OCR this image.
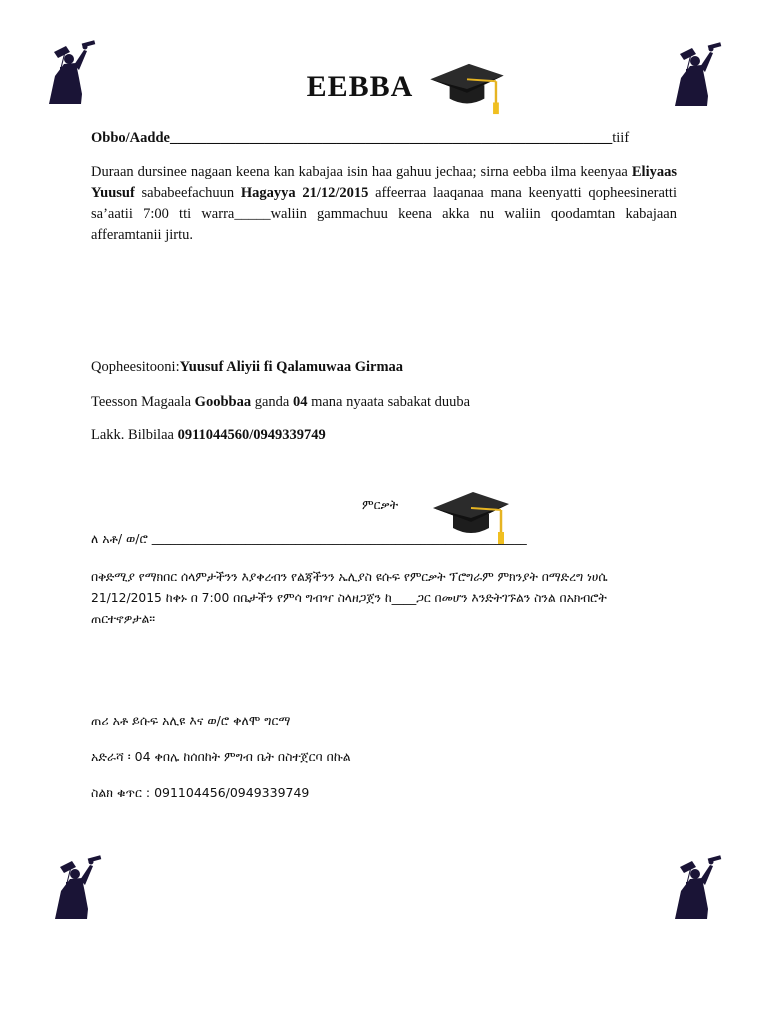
EEBBA
Obbo/Aadde_____________________________________________________________tiif
Duraan dursinee nagaan keena kan kabajaa isin haa gahuu jechaa; sirna eebba ilma keenyaa Eliyaas Yuusuf sababeefachuun Hagayya 21/12/2015 affeerraa laaqanaa mana keenyatti qopheesineratti sa’aatii 7:00 tti warra_____waliin gammachuu keena akka nu waliin qoodamtan kabajaan afferamtanii jirtu.
Qopheesitooni:Yuusuf Aliyii fi Qalamuwaa Girmaa
Teesson Magaala Goobbaa ganda 04 mana nyaata sabakat duuba
Lakk. Bilbilaa 0911044560/0949339749
ምርቃት
ለ አቶ/ ወ/ሮ ____________________________________________________________
በቅድሚያ የማክበር ሰላምታችንን እያቀረብን የልጃችንን ኤሊያስ ዩሱፍ የምርቃት ፕሮግራም ምክንያት በማድረግ ነሀሴ
21/12/2015 ከቀኑ በ 7:00 በቤታችን የምሳ ግብዣ ስላዘጋጀን ከ____ጋር በመሆን እንድትገኙልን ስንል በአክብሮት
ጠርተኖዎታል።
ጠሪ አቶ ይሱፍ አሊዩ እና ወ/ሮ ቀለሞ ግርማ
አድራሻ ፡ 04 ቀበሌ ከሰበከት ምግብ ቤት በስተጀርባ በኩል
ስልክ ቁጥር : 091104456/0949339749
